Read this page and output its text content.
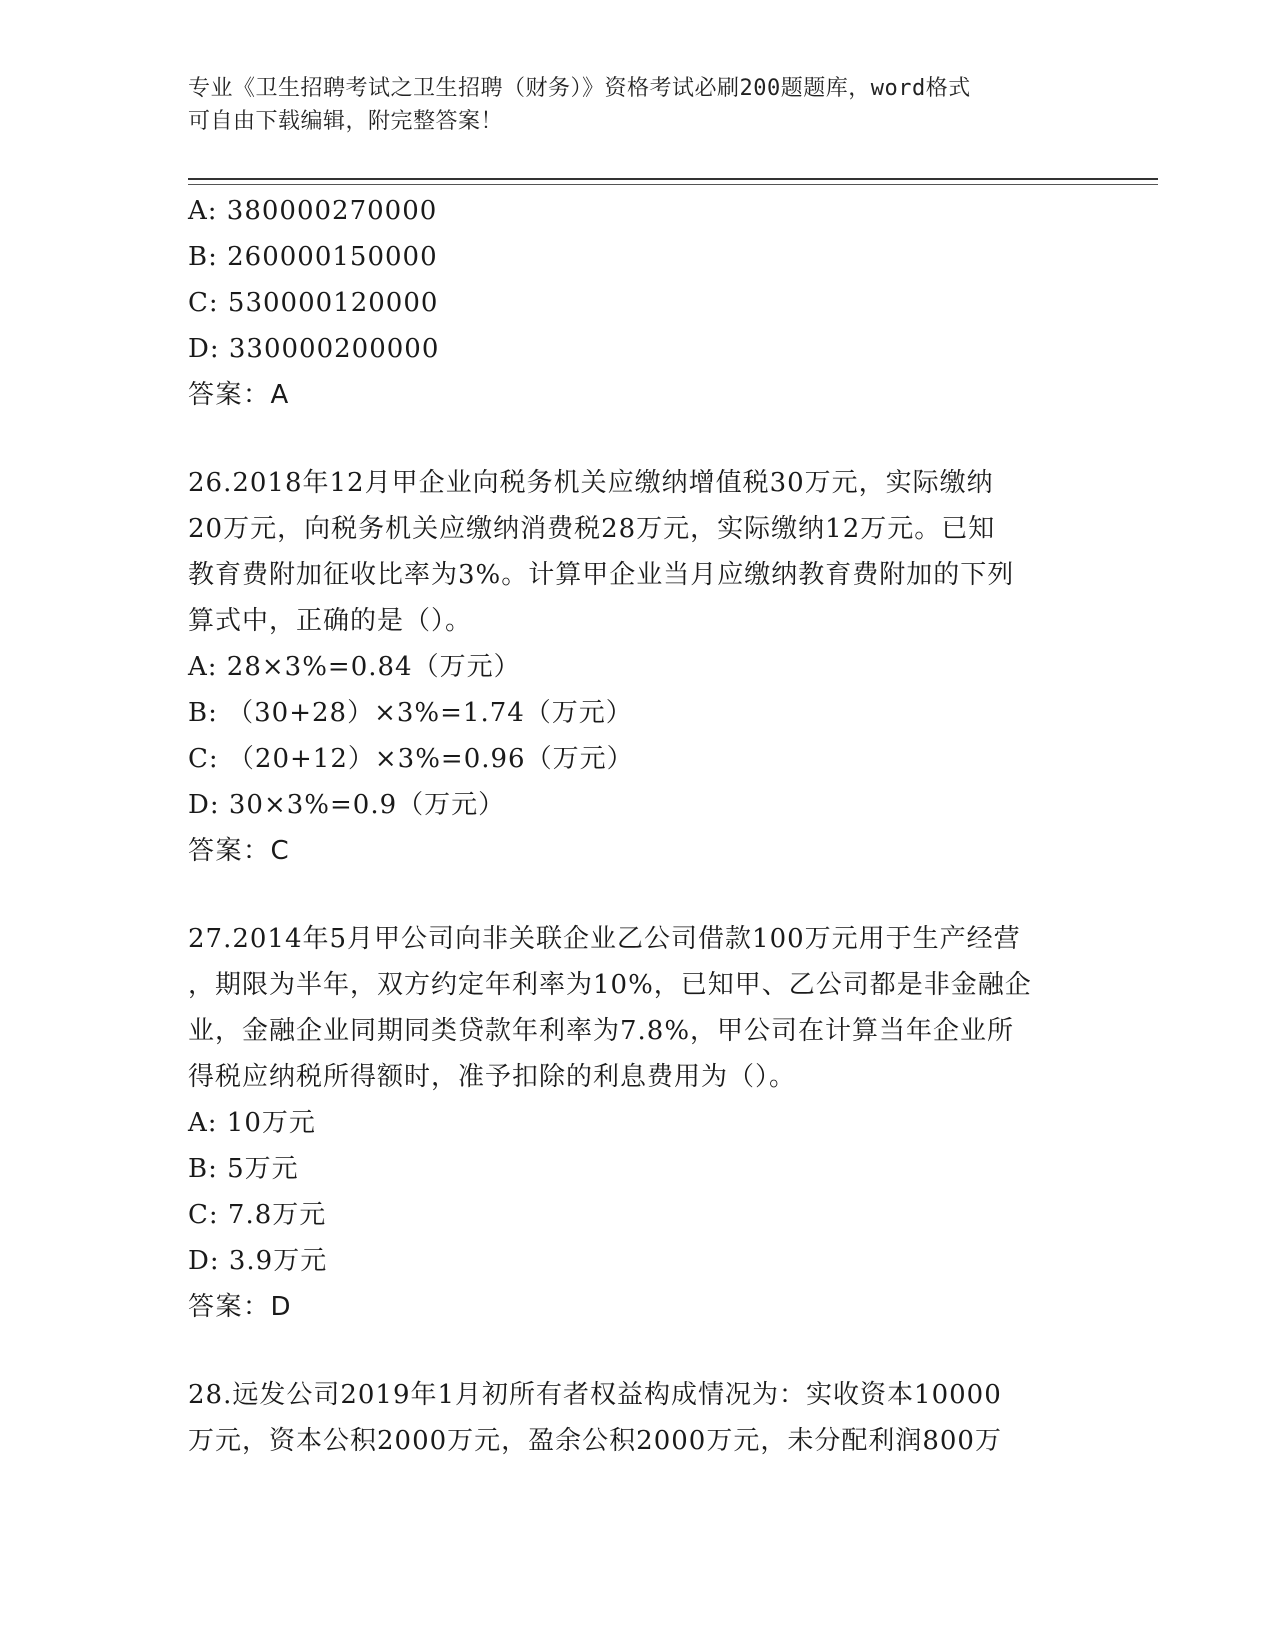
专业《卫生招聘考试之卫生招聘（财务）》资格考试必刷200题题库，word格式
可自由下载编辑，附完整答案！
A: 380000270000
B: 260000150000
C: 530000120000
D: 330000200000
答案：A
26.2018年12月甲企业向税务机关应缴纳增值税30万元，实际缴纳
20万元，向税务机关应缴纳消费税28万元，实际缴纳12万元。已知
教育费附加征收比率为3%。计算甲企业当月应缴纳教育费附加的下列
算式中，正确的是（）。
A: 28×3%=0.84（万元）
B: （30+28）×3%=1.74（万元）
C: （20+12）×3%=0.96（万元）
D: 30×3%=0.9（万元）
答案：C
27.2014年5月甲公司向非关联企业乙公司借款100万元用于生产经营
，期限为半年，双方约定年利率为10%，已知甲、乙公司都是非金融企
业，金融企业同期同类贷款年利率为7.8%，甲公司在计算当年企业所
得税应纳税所得额时，准予扣除的利息费用为（）。
A: 10万元
B: 5万元
C: 7.8万元
D: 3.9万元
答案：D
28.远发公司2019年1月初所有者权益构成情况为：实收资本10000
万元，资本公积2000万元，盈余公积2000万元，未分配利润800万
